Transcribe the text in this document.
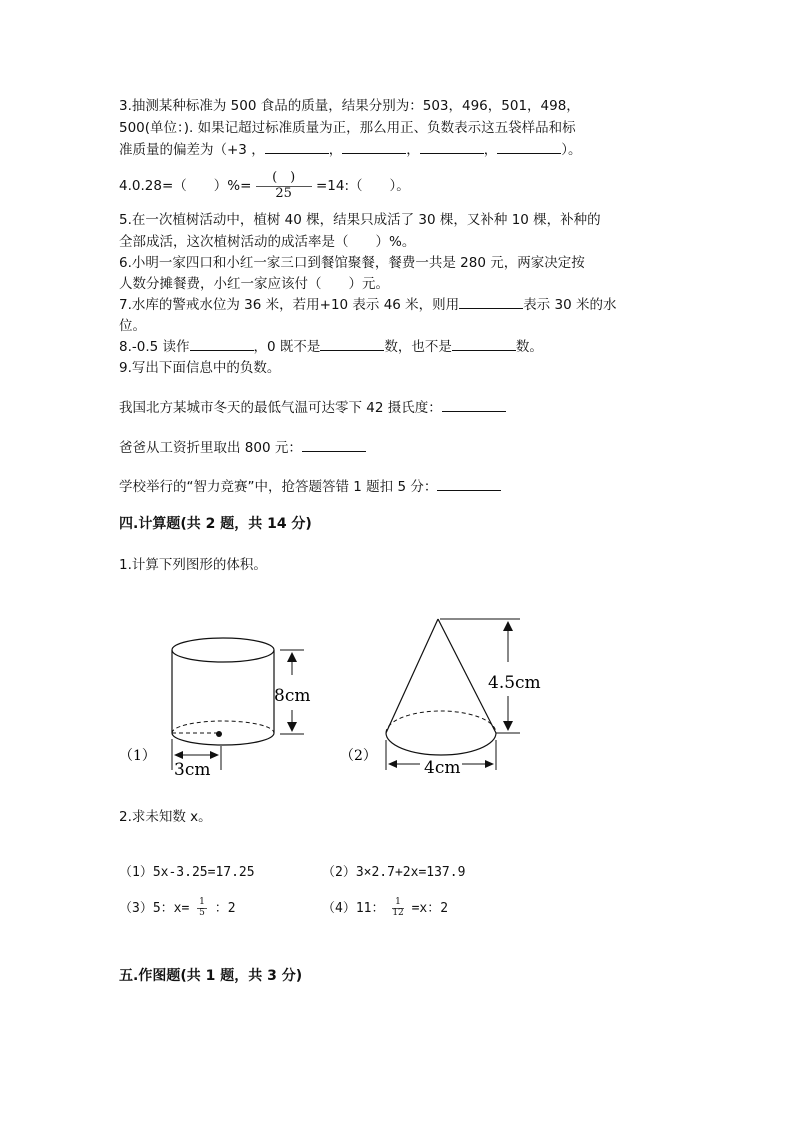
3.抽测某种标准为 500 食品的质量，结果分别为：503，496，501，498，
500(单位：). 如果记超过标准质量为正，那么用正、负数表示这五袋样品和标
准质量的偏差为（+3 ，	，	，	，	）。
4.0.28=（　　）%= $\frac{( )}{25}$ =14:（　　）。
5.在一次植树活动中，植树 40 棵，结果只成活了 30 棵，又补种 10 棵，补种的
全部成活，这次植树活动的成活率是（　　）%。
6.小明一家四口和小红一家三口到餐馆聚餐，餐费一共是 280 元，两家决定按
人数分摊餐费，小红一家应该付（　　）元。
7.水库的警戒水位为 36 米，若用+10 表示 46 米，则用	表示 30 米的水
位。
8.-0.5 读作	，0 既不是	数，也不是	数。
9.写出下面信息中的负数。
我国北方某城市冬天的最低气温可达零下 42 摄氏度：
爸爸从工资折里取出 800 元：
学校举行的“智力竞赛”中，抢答题答错 1 题扣 5 分：
四.计算题(共 2 题，共 14 分)
1.计算下列图形的体积。
8cm
3cm
（1）
4.5cm
4cm
（2）
2.求未知数 x。
（1）5x-3.25=17.25	（2）3×2.7+2x=137.9
（3）5：$x= \frac{1}{5}$ ：2	（4）11： $\frac{1}{12} =x$：2
五.作图题(共 1 题，共 3 分)
